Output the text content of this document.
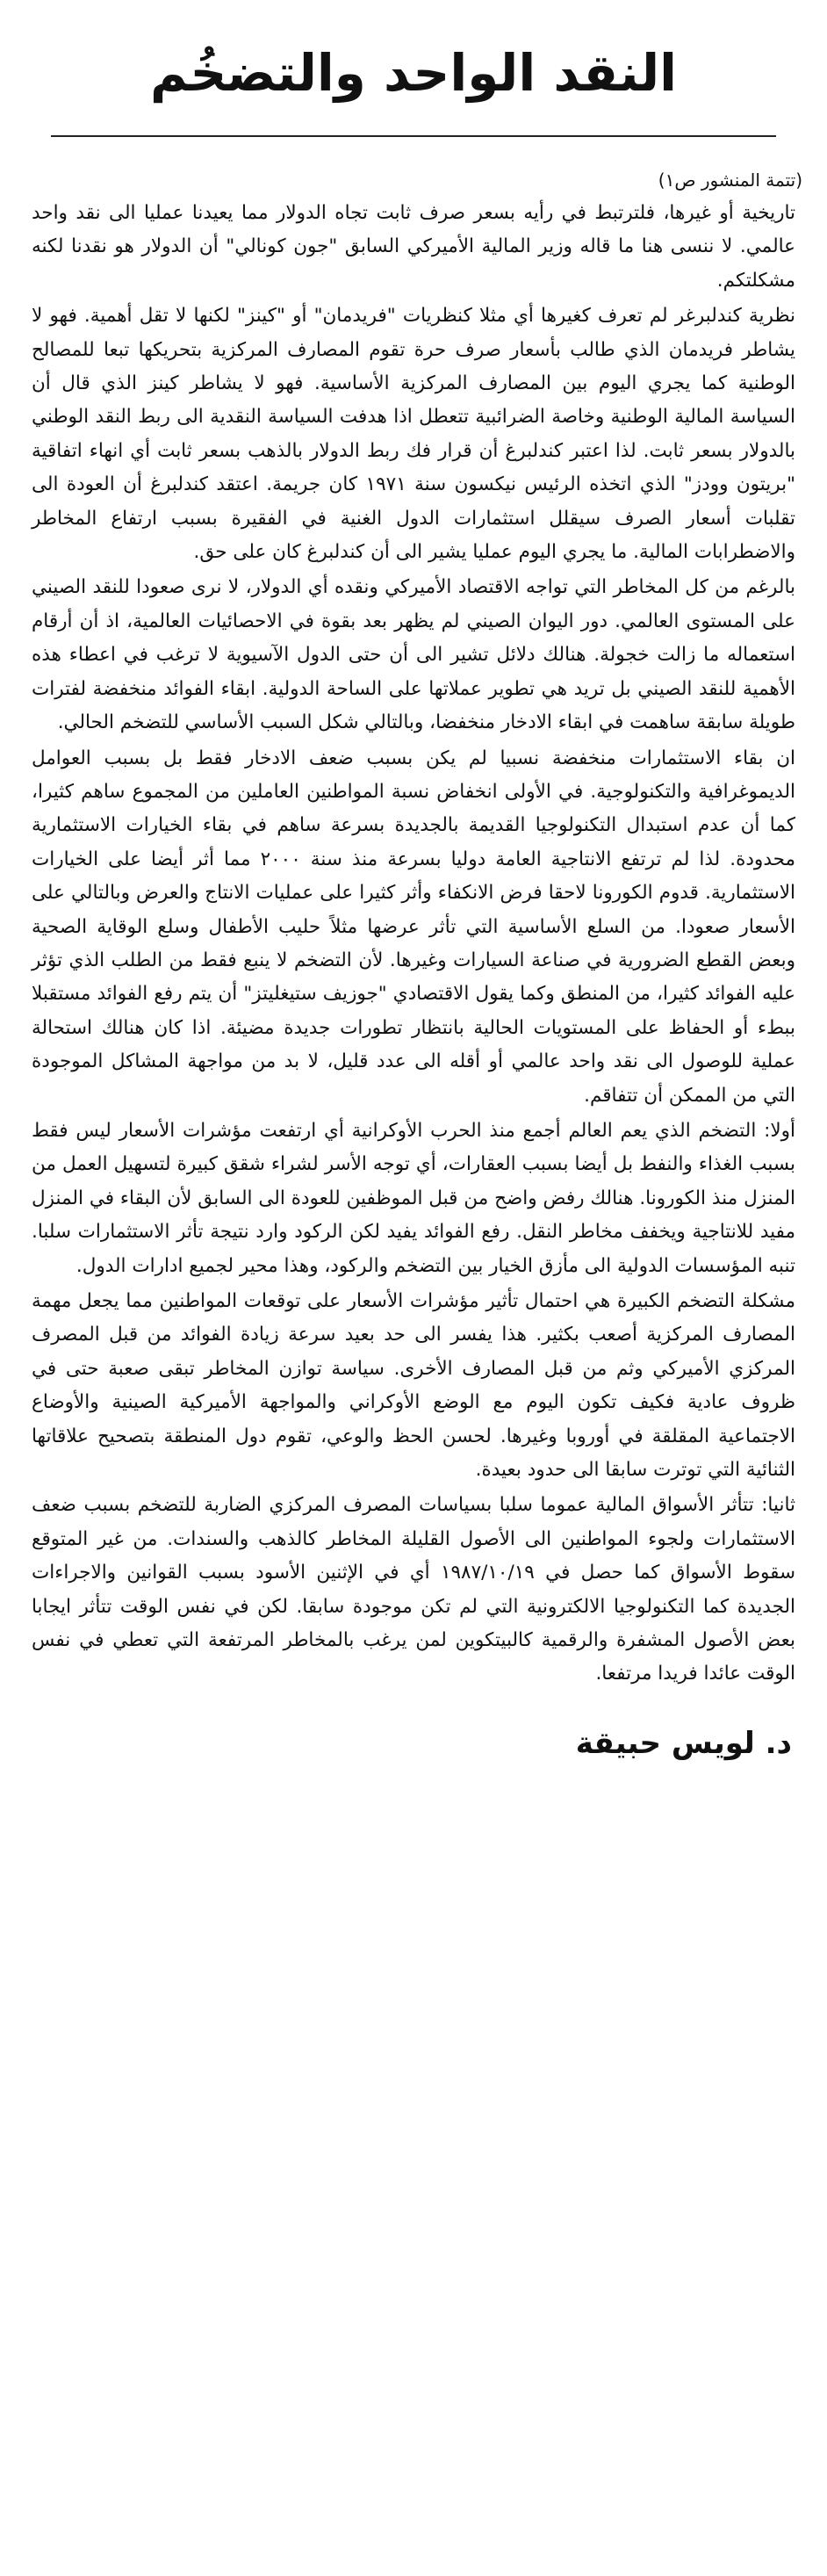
النقد الواحد والتضخُم

(تتمة المنشور ص١)

تاريخية أو غيرها، فلترتبط في رأيه بسعر صرف ثابت تجاه الدولار مما يعيدنا عمليا الى نقد واحد عالمي. لا ننسى هنا ما قاله وزير المالية الأميركي السابق "جون كونالي" أن الدولار هو نقدنا لكنه مشكلتكم.

نظرية كندلبرغر لم تعرف كغيرها أي مثلا كنظريات "فريدمان" أو "كينز" لكنها لا تقل أهمية. فهو لا يشاطر فريدمان الذي طالب بأسعار صرف حرة تقوم المصارف المركزية بتحريكها تبعا للمصالح الوطنية كما يجري اليوم بين المصارف المركزية الأساسية. فهو لا يشاطر كينز الذي قال أن السياسة المالية الوطنية وخاصة الضرائبية تتعطل اذا هدفت السياسة النقدية الى ربط النقد الوطني بالدولار بسعر ثابت. لذا اعتبر كندلبرغ أن قرار فك ربط الدولار بالذهب بسعر ثابت أي انهاء اتفاقية "بريتون وودز" الذي اتخذه الرئيس نيكسون سنة ١٩٧١ كان جريمة. اعتقد كندلبرغ أن العودة الى تقلبات أسعار الصرف سيقلل استثمارات الدول الغنية في الفقيرة بسبب ارتفاع المخاطر والاضطرابات المالية. ما يجري اليوم عمليا يشير الى أن كندلبرغ كان على حق.

بالرغم من كل المخاطر التي تواجه الاقتصاد الأميركي ونقده أي الدولار، لا نرى صعودا للنقد الصيني على المستوى العالمي. دور اليوان الصيني لم يظهر بعد بقوة في الاحصائيات العالمية، اذ أن أرقام استعماله ما زالت خجولة. هنالك دلائل تشير الى أن حتى الدول الآسيوية لا ترغب في اعطاء هذه الأهمية للنقد الصيني بل تريد هي تطوير عملاتها على الساحة الدولية. ابقاء الفوائد منخفضة لفترات طويلة سابقة ساهمت في ابقاء الادخار منخفضا، وبالتالي شكل السبب الأساسي للتضخم الحالي.

ان بقاء الاستثمارات منخفضة نسبيا لم يكن بسبب ضعف الادخار فقط بل بسبب العوامل الديموغرافية والتكنولوجية. في الأولى انخفاض نسبة المواطنين العاملين من المجموع ساهم كثيرا، كما أن عدم استبدال التكنولوجيا القديمة بالجديدة بسرعة ساهم في بقاء الخيارات الاستثمارية محدودة. لذا لم ترتفع الانتاجية العامة دوليا بسرعة منذ سنة ٢٠٠٠ مما أثر أيضا على الخيارات الاستثمارية. قدوم الكورونا لاحقا فرض الانكفاء وأثر كثيرا على عمليات الانتاج والعرض وبالتالي على الأسعار صعودا. من السلع الأساسية التي تأثر عرضها مثلاً حليب الأطفال وسلع الوقاية الصحية وبعض القطع الضرورية في صناعة السيارات وغيرها. لأن التضخم لا ينبع فقط من الطلب الذي تؤثر عليه الفوائد كثيرا، من المنطق وكما يقول الاقتصادي "جوزيف ستيغليتز" أن يتم رفع الفوائد مستقبلا ببطء أو الحفاظ على المستويات الحالية بانتظار تطورات جديدة مضيئة. اذا كان هنالك استحالة عملية للوصول الى نقد واحد عالمي أو أقله الى عدد قليل، لا بد من مواجهة المشاكل الموجودة التي من الممكن أن تتفاقم.

أولا: التضخم الذي يعم العالم أجمع منذ الحرب الأوكرانية أي ارتفعت مؤشرات الأسعار ليس فقط بسبب الغذاء والنفط بل أيضا بسبب العقارات، أي توجه الأسر لشراء شقق كبيرة لتسهيل العمل من المنزل منذ الكورونا. هنالك رفض واضح من قبل الموظفين للعودة الى السابق لأن البقاء في المنزل مفيد للانتاجية ويخفف مخاطر النقل. رفع الفوائد يفيد لكن الركود وارد نتيجة تأثر الاستثمارات سلبا. تنبه المؤسسات الدولية الى مأزق الخيار بين التضخم والركود، وهذا محير لجميع ادارات الدول.

مشكلة التضخم الكبيرة هي احتمال تأثير مؤشرات الأسعار على توقعات المواطنين مما يجعل مهمة المصارف المركزية أصعب بكثير. هذا يفسر الى حد بعيد سرعة زيادة الفوائد من قبل المصرف المركزي الأميركي وثم من قبل المصارف الأخرى. سياسة توازن المخاطر تبقى صعبة حتى في ظروف عادية فكيف تكون اليوم مع الوضع الأوكراني والمواجهة الأميركية الصينية والأوضاع الاجتماعية المقلقة في أوروبا وغيرها. لحسن الحظ والوعي، تقوم دول المنطقة بتصحيح علاقاتها الثنائية التي توترت سابقا الى حدود بعيدة.

ثانيا: تتأثر الأسواق المالية عموما سلبا بسياسات المصرف المركزي الضاربة للتضخم بسبب ضعف الاستثمارات ولجوء المواطنين الى الأصول القليلة المخاطر كالذهب والسندات. من غير المتوقع سقوط الأسواق كما حصل في ١٩٨٧/١٠/١٩ أي في الإثنين الأسود بسبب القوانين والاجراءات الجديدة كما التكنولوجيا الالكترونية التي لم تكن موجودة سابقا. لكن في نفس الوقت تتأثر ايجابا بعض الأصول المشفرة والرقمية كالبيتكوين لمن يرغب بالمخاطر المرتفعة التي تعطي في نفس الوقت عائدا فريدا مرتفعا.

د. لويس حبيقة
